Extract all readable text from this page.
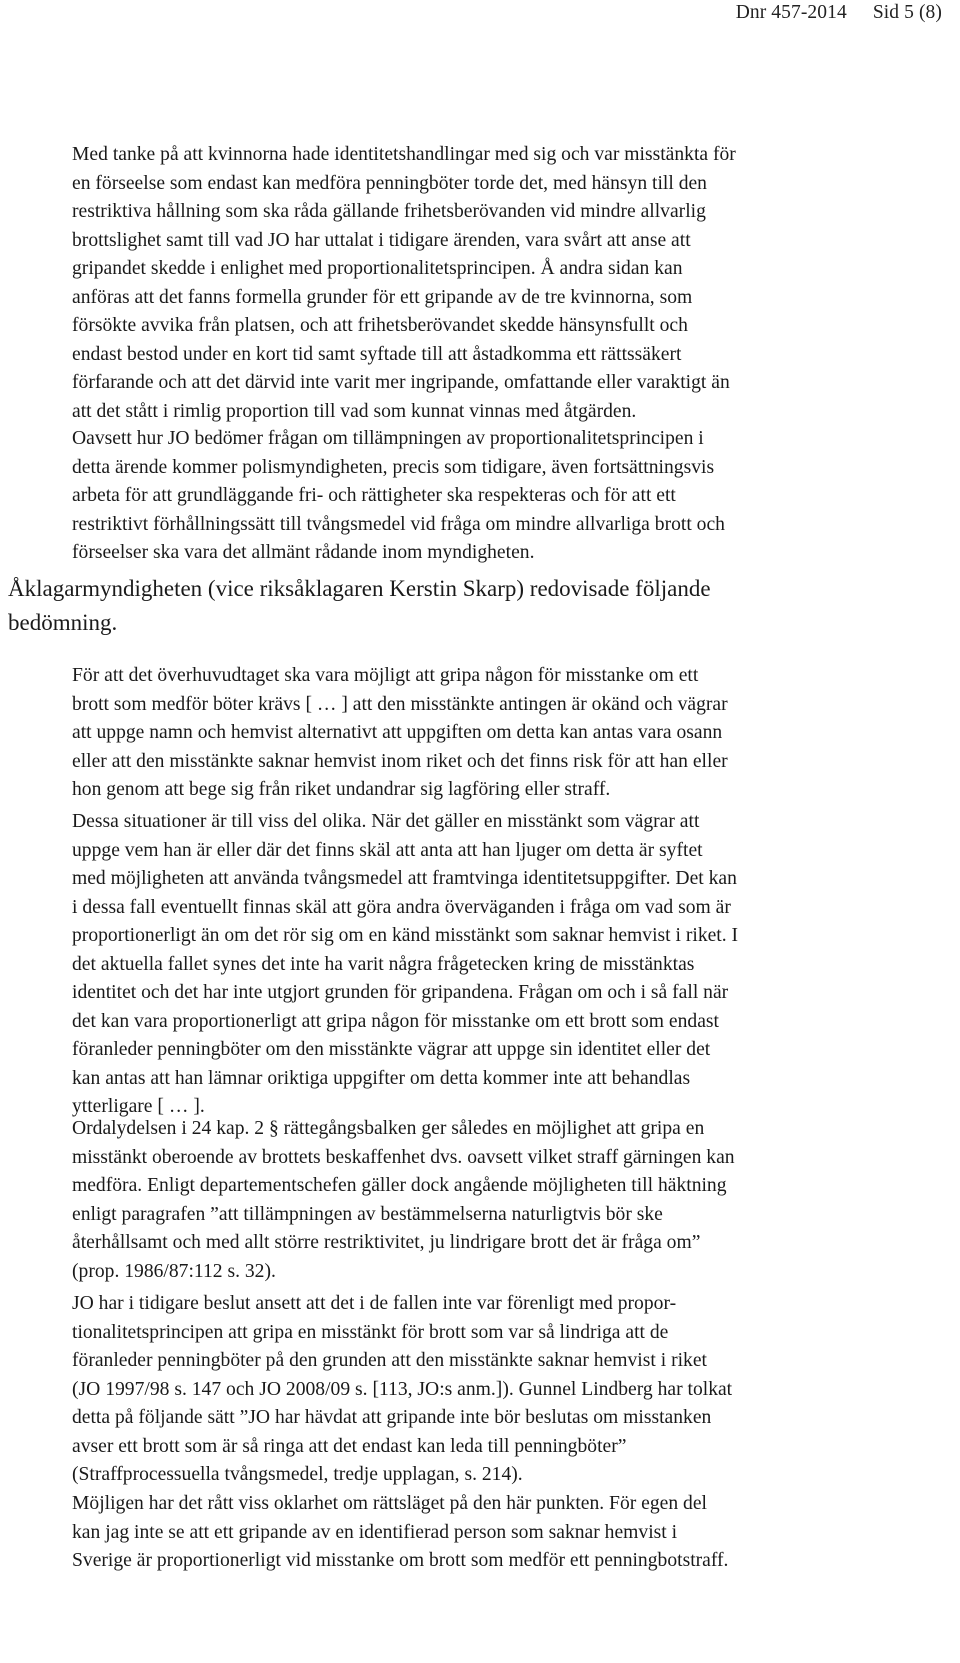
Dnr 457-2014 Sid 5 (8)

Med tanke på att kvinnorna hade identitetshandlingar med sig och var misstänkta för
en förseelse som endast kan medföra penningböter torde det, med hänsyn till den
restriktiva hållning som ska råda gällande frihetsberövanden vid mindre allvarlig
brottslighet samt till vad JO har uttalat i tidigare ärenden, vara svårt att anse att
gripandet skedde i enlighet med proportionalitetsprincipen. Å andra sidan kan
anföras att det fanns formella grunder för ett gripande av de tre kvinnorna, som
försökte avvika från platsen, och att frihetsberövandet skedde hänsynsfullt och
endast bestod under en kort tid samt syftade till att åstadkomma ett rättssäkert
förfarande och att det därvid inte varit mer ingripande, omfattande eller varaktigt än
att det stått i rimlig proportion till vad som kunnat vinnas med åtgärden.

Oavsett hur JO bedömer frågan om tillämpningen av proportionalitetsprincipen i
detta ärende kommer polismyndigheten, precis som tidigare, även fortsättningsvis
arbeta för att grundläggande fri- och rättigheter ska respekteras och för att ett
restriktivt förhållningssätt till tvångsmedel vid fråga om mindre allvarliga brott och
förseelser ska vara det allmänt rådande inom myndigheten.

Åklagarmyndigheten (vice riksåklagaren Kerstin Skarp) redovisade följande
bedömning.

För att det överhuvudtaget ska vara möjligt att gripa någon för misstanke om ett
brott som medför böter krävs [ … ] att den misstänkte antingen är okänd och vägrar
att uppge namn och hemvist alternativt att uppgiften om detta kan antas vara osann
eller att den misstänkte saknar hemvist inom riket och det finns risk för att han eller
hon genom att bege sig från riket undandrar sig lagföring eller straff.

Dessa situationer är till viss del olika. När det gäller en misstänkt som vägrar att
uppge vem han är eller där det finns skäl att anta att han ljuger om detta är syftet
med möjligheten att använda tvångsmedel att framtvinga identitetsuppgifter. Det kan
i dessa fall eventuellt finnas skäl att göra andra överväganden i fråga om vad som är
proportionerligt än om det rör sig om en känd misstänkt som saknar hemvist i riket. I
det aktuella fallet synes det inte ha varit några frågetecken kring de misstänktas
identitet och det har inte utgjort grunden för gripandena. Frågan om och i så fall när
det kan vara proportionerligt att gripa någon för misstanke om ett brott som endast
föranleder penningböter om den misstänkte vägrar att uppge sin identitet eller det
kan antas att han lämnar oriktiga uppgifter om detta kommer inte att behandlas
ytterligare [ … ].

Ordalydelsen i 24 kap. 2 § rättegångsbalken ger således en möjlighet att gripa en
misstänkt oberoende av brottets beskaffenhet dvs. oavsett vilket straff gärningen kan
medföra. Enligt departementschefen gäller dock angående möjligheten till häktning
enligt paragrafen ”att tillämpningen av bestämmelserna naturligtvis bör ske
återhållsamt och med allt större restriktivitet, ju lindrigare brott det är fråga om”
(prop. 1986/87:112 s. 32).

JO har i tidigare beslut ansett att det i de fallen inte var förenligt med propor-
tionalitetsprincipen att gripa en misstänkt för brott som var så lindriga att de
föranleder penningböter på den grunden att den misstänkte saknar hemvist i riket
(JO 1997/98 s. 147 och JO 2008/09 s. [113, JO:s anm.]). Gunnel Lindberg har tolkat
detta på följande sätt ”JO har hävdat att gripande inte bör beslutas om misstanken
avser ett brott som är så ringa att det endast kan leda till penningböter”
(Straffprocessuella tvångsmedel, tredje upplagan, s. 214).

Möjligen har det rått viss oklarhet om rättsläget på den här punkten. För egen del
kan jag inte se att ett gripande av en identifierad person som saknar hemvist i
Sverige är proportionerligt vid misstanke om brott som medför ett penningbotstraff.
